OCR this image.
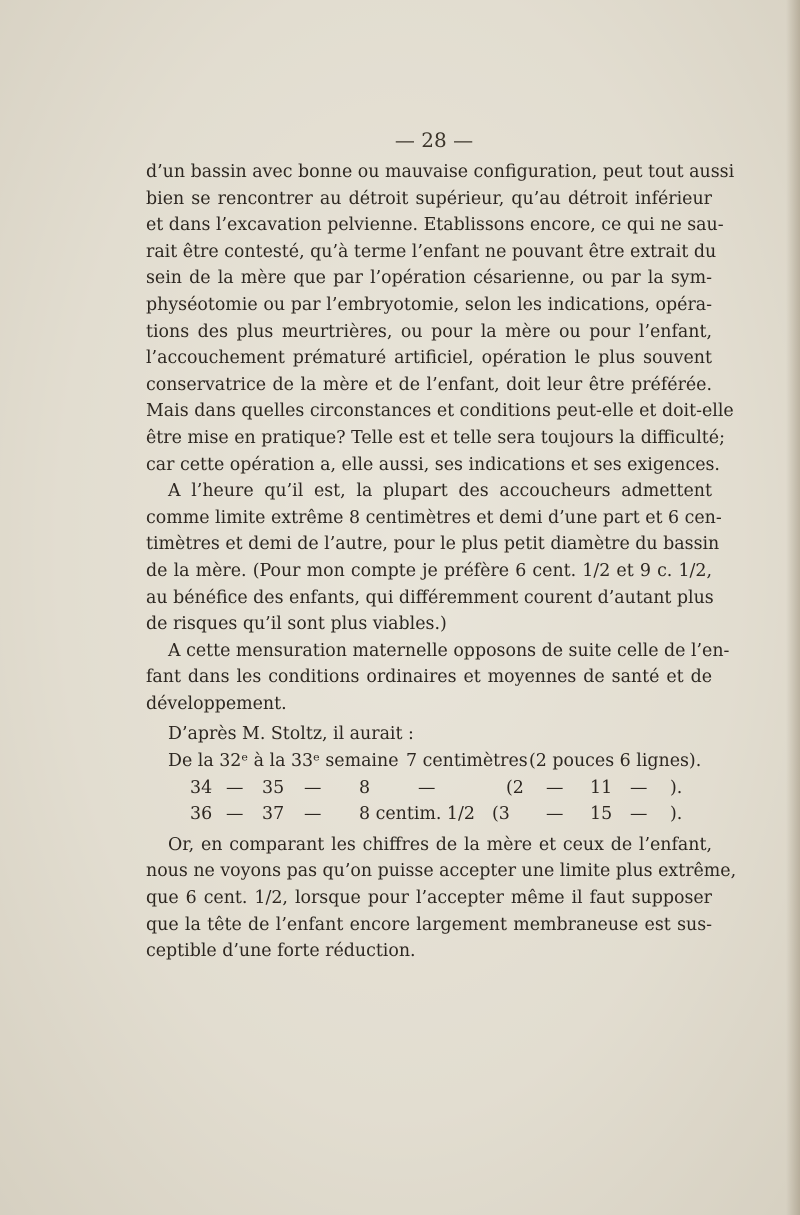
— 28 —
d’un bassin avec bonne ou mauvaise configuration, peut tout aussi
bien se rencontrer au détroit supérieur, qu’au détroit inférieur
et dans l’excavation pelvienne. Etablissons encore, ce qui ne sau-
rait être contesté, qu’à terme l’enfant ne pouvant être extrait du
sein de la mère que par l’opération césarienne, ou par la sym-
physéotomie ou par l’embryotomie, selon les indications, opéra-
tions des plus meurtrières, ou pour la mère ou pour l’enfant,
l’accouchement prématuré artificiel, opération le plus souvent
conservatrice de la mère et de l’enfant, doit leur être préférée.
Mais dans quelles circonstances et conditions peut-elle et doit-elle
être mise en pratique? Telle est et telle sera toujours la difficulté;
car cette opération a, elle aussi, ses indications et ses exigences.
A l’heure qu’il est, la plupart des accoucheurs admettent
comme limite extrême 8 centimètres et demi d’une part et 6 cen-
timètres et demi de l’autre, pour le plus petit diamètre du bassin
de la mère. (Pour mon compte je préfère 6 cent. 1/2 et 9 c. 1/2,
au bénéfice des enfants, qui différemment courent d’autant plus
de risques qu’il sont plus viables.)
A cette mensuration maternelle opposons de suite celle de l’en-
fant dans les conditions ordinaires et moyennes de santé et de
développement.
D’après M. Stoltz, il aurait :
De la 32ᵉ à la 33ᵉ semaine 7 centimètres (2 pouces 6 lignes).
34 — 35 — 8	—	(2 — 11 — ).
36 — 37 — 8 centim. 1/2 (3 — 15 — ).
Or, en comparant les chiffres de la mère et ceux de l’enfant,
nous ne voyons pas qu’on puisse accepter une limite plus extrême,
que 6 cent. 1/2, lorsque pour l’accepter même il faut supposer
que la tête de l’enfant encore largement membraneuse est sus-
ceptible d’une forte réduction.
